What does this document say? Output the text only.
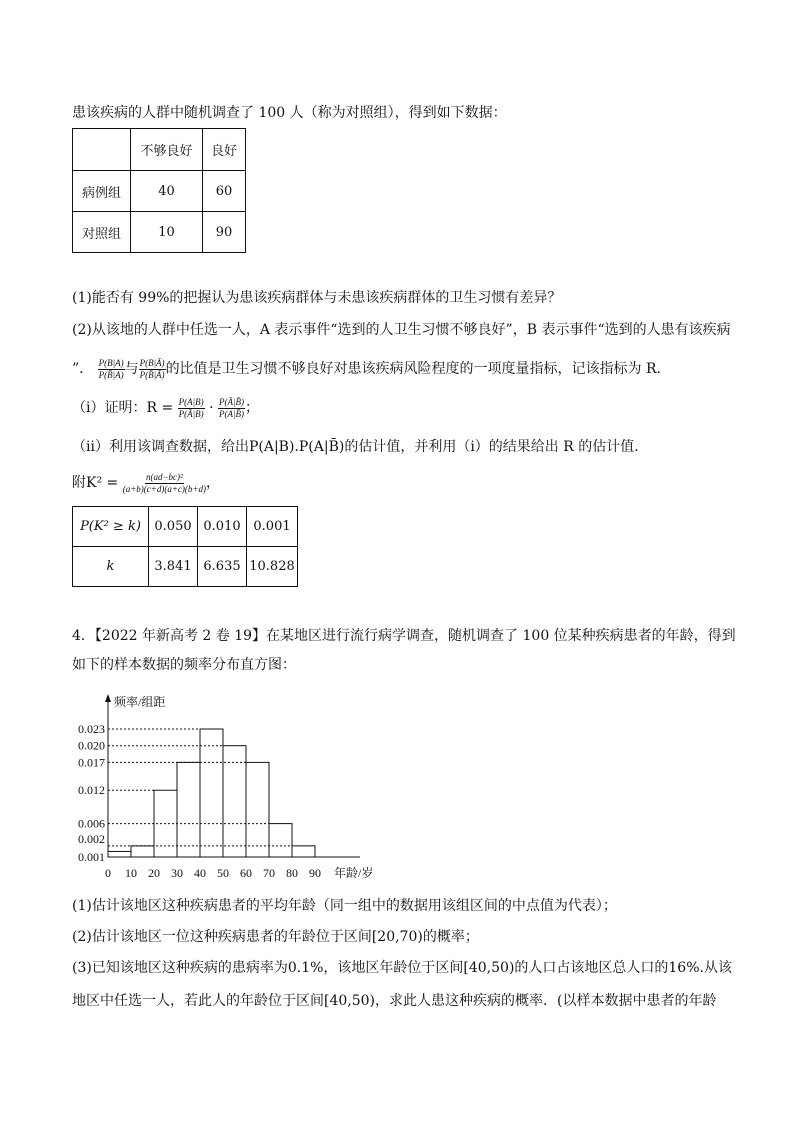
患该疾病的人群中随机调查了 100 人（称为对照组），得到如下数据：
	不够良好	良好
病例组	40	60
对照组	10	90
(1)能否有 99%的把握认为患该疾病群体与未患该疾病群体的卫生习惯有差异？
(2)从该地的人群中任选一人，A 表示事件“选到的人卫生习惯不够良好”，B 表示事件“选到的人患有该疾病
”． $\frac{P(B|A)}{P(B̄|A)}$ 与 $\frac{P(B|Ā)}{P(B̄|Ā)}$ 的比值是卫生习惯不够良好对患该疾病风险程度的一项度量指标，记该指标为 R.
（ⅰ）证明：$R = \frac{P(A|B)}{P(Ā|B)} \cdot \frac{P(Ā|B̄)}{P(A|B̄)}$ ；
（ⅱ）利用该调查数据，给出P(A|B).P(A|B̄)的估计值，并利用（ⅰ）的结果给出 R 的估计值．
附$K^2 = \frac{\text{n(ad−bc)²}}{(a+b)(c+d)(a+c)(b+d)}$ ，
P(K² ≥ k)	0.050	0.010	0.001
k	3.841	6.635	10.828
4．【2022 年新高考 2 卷 19】在某地区进行流行病学调查，随机调查了 100 位某种疾病患者的年龄，得到
如下的样本数据的频率分布直方图：
频率/组距
年龄/岁
0.001
0.002
0.006
0.012
0.017
0.020
0.023
0 10 20 30 40 50 60 70 80 90
(1)估计该地区这种疾病患者的平均年龄（同一组中的数据用该组区间的中点值为代表）；
(2)估计该地区一位这种疾病患者的年龄位于区间[20,70)的概率；
(3)已知该地区这种疾病的患病率为0.1%，该地区年龄位于区间[40,50)的人口占该地区总人口的16%.从该
地区中任选一人，若此人的年龄位于区间[40,50)，求此人患这种疾病的概率．(以样本数据中患者的年龄
